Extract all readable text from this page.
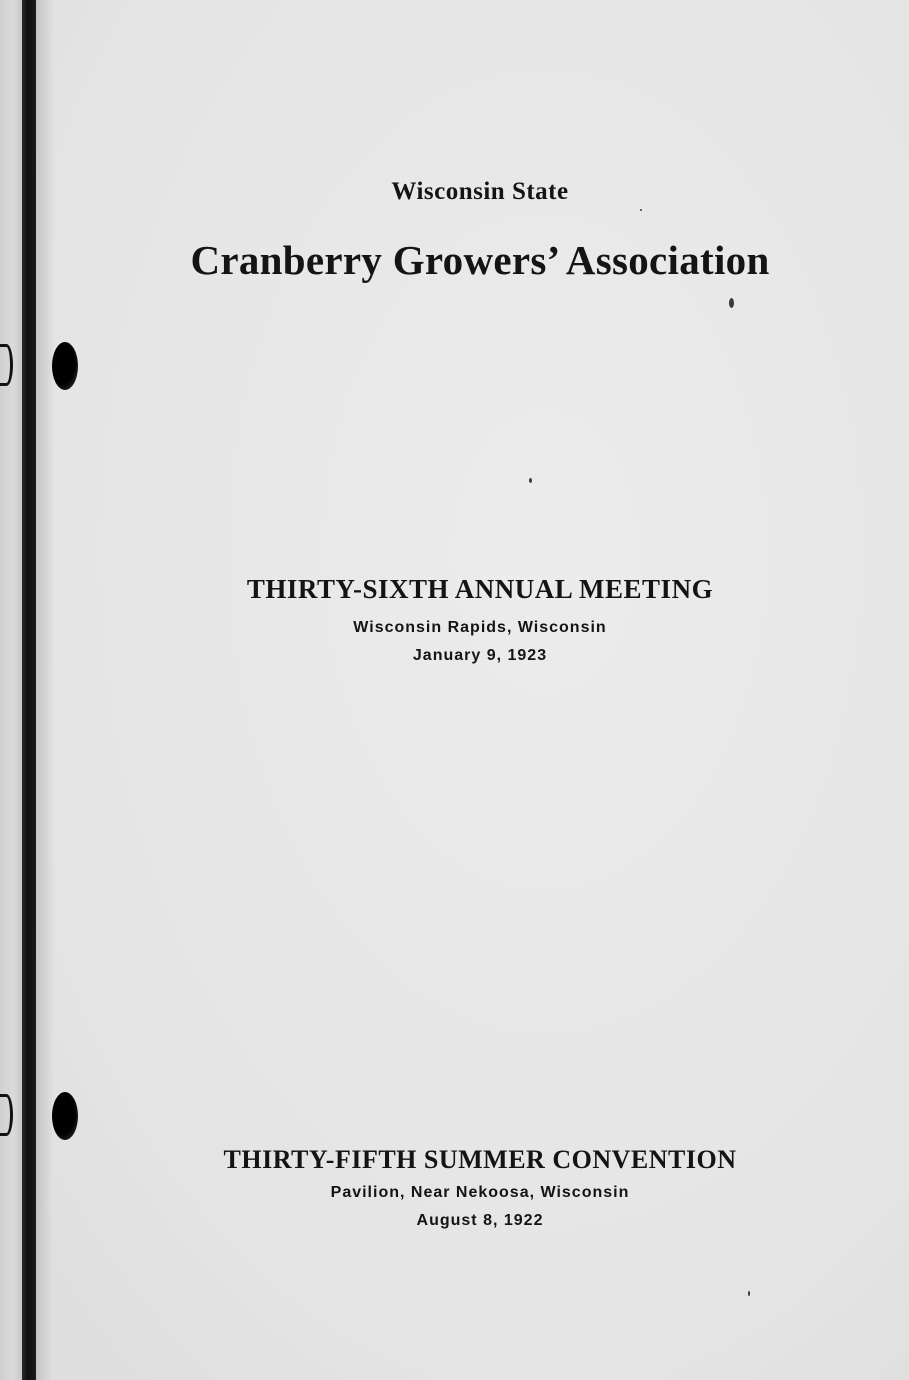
Wisconsin State
Cranberry Growers’ Association
THIRTY-SIXTH ANNUAL MEETING
Wisconsin Rapids, Wisconsin
January 9, 1923
THIRTY-FIFTH SUMMER CONVENTION
Pavilion, Near Nekoosa, Wisconsin
August 8, 1922
